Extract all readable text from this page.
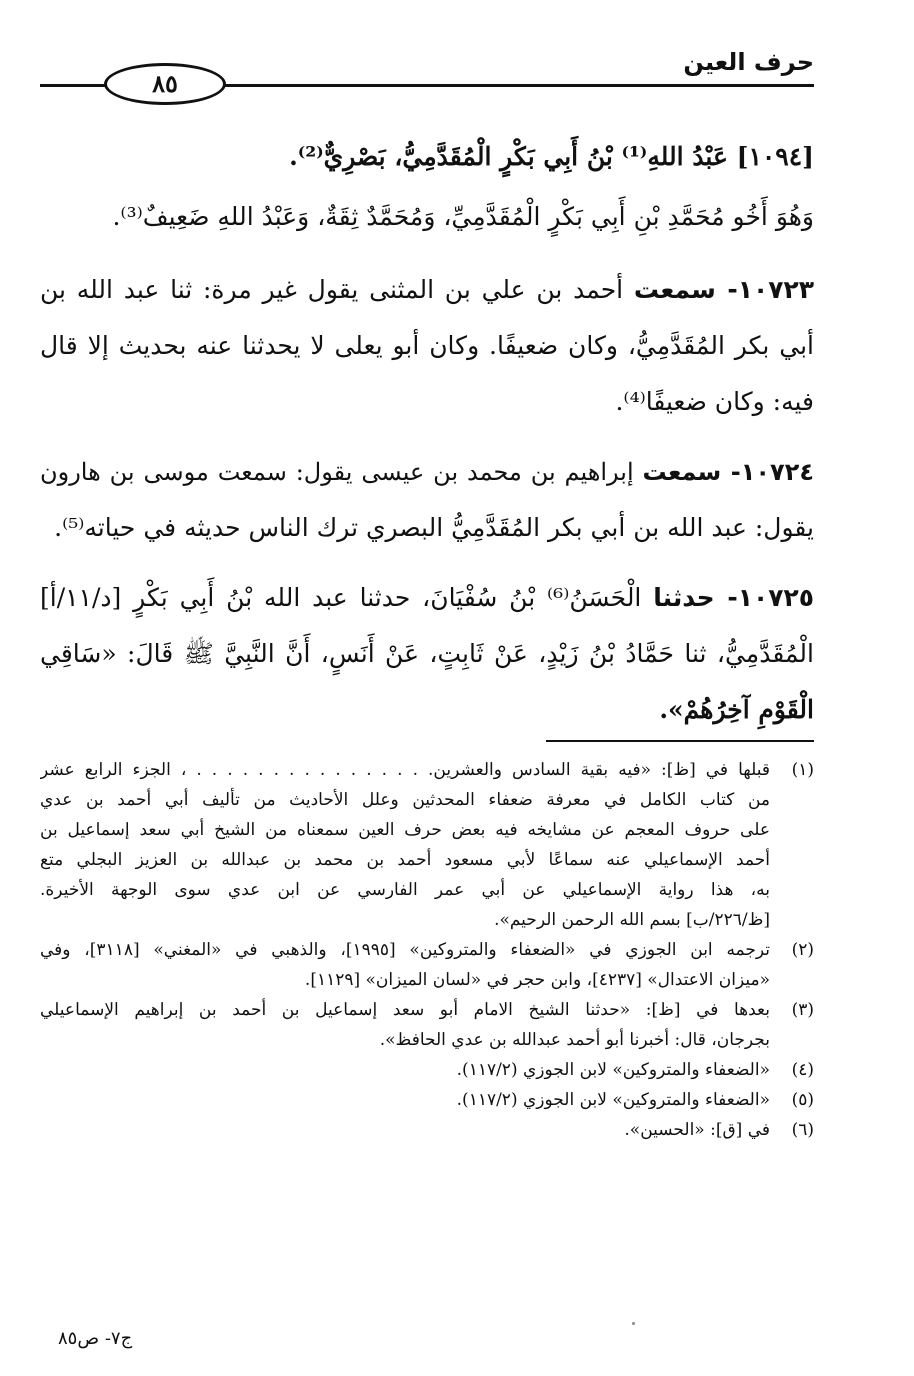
حرف العين
٨٥
[١٠٩٤] عَبْدُ اللهِ⁽¹⁾ بْنُ أَبِي بَكْرٍ الْمُقَدَّمِيُّ، بَصْرِيٌّ⁽²⁾.
وَهُوَ أَخُو مُحَمَّدِ بْنِ أَبِي بَكْرٍ الْمُقَدَّمِيِّ، وَمُحَمَّدٌ ثِقَةٌ، وَعَبْدُ اللهِ ضَعِيفٌ⁽³⁾.
١٠٧٢٣- سمعت أحمد بن علي بن المثنى يقول غير مرة: ثنا عبد الله بن
أبي بكر المُقَدَّمِيُّ، وكان ضعيفًا. وكان أبو يعلى لا يحدثنا عنه بحديث إلا قال
فيه: وكان ضعيفًا⁽⁴⁾.
١٠٧٢٤- سمعت إبراهيم بن محمد بن عيسى يقول: سمعت موسى بن هارون
يقول: عبد الله بن أبي بكر المُقَدَّمِيُّ البصري ترك الناس حديثه في حياته⁽⁵⁾.
١٠٧٢٥- حدثنا الْحَسَنُ⁽⁶⁾ بْنُ سُفْيَانَ، حدثنا عبد الله بْنُ أَبِي بَكْرٍ [د/١١/أ]
الْمُقَدَّمِيُّ، ثنا حَمَّادُ بْنُ زَيْدٍ، عَنْ ثَابِتٍ، عَنْ أَنَسٍ، أَنَّ النَّبِيَّ ﷺ قَالَ: «سَاقِي
الْقَوْمِ آخِرُهُمْ».
(١)
قبلها في [ظ]: «فيه بقية السادس والعشرين. . . . . . . . . . . . . . . . ، الجزء الرابع عشر
من كتاب الكامل في معرفة ضعفاء المحدثين وعلل الأحاديث من تأليف أبي أحمد بن عدي
على حروف المعجم عن مشايخه فيه بعض حرف العين سمعناه من الشيخ أبي سعد إسماعيل بن
أحمد الإسماعيلي عنه سماعًا لأبي مسعود أحمد بن محمد بن عبدالله بن العزيز البجلي متع
به، هذا رواية الإسماعيلي عن أبي عمر الفارسي عن ابن عدي سوى الوجهة الأخيرة.
[ظ/٢٢٦/ب] بسم الله الرحمن الرحيم».
(٢)
ترجمه ابن الجوزي في «الضعفاء والمتروكين» [١٩٩٥]، والذهبي في «المغني» [٣١١٨]، وفي
«ميزان الاعتدال» [٤٢٣٧]، وابن حجر في «لسان الميزان» [١١٢٩].
(٣)
بعدها في [ظ]: «حدثنا الشيخ الامام أبو سعد إسماعيل بن أحمد بن إبراهيم الإسماعيلي
بجرجان، قال: أخبرنا أبو أحمد عبدالله بن عدي الحافظ».
(٤)
«الضعفاء والمتروكين» لابن الجوزي (١١٧/٢).
(٥)
«الضعفاء والمتروكين» لابن الجوزي (١١٧/٢).
(٦)
في [ق]: «الحسين».
ج٧- ص٨٥
